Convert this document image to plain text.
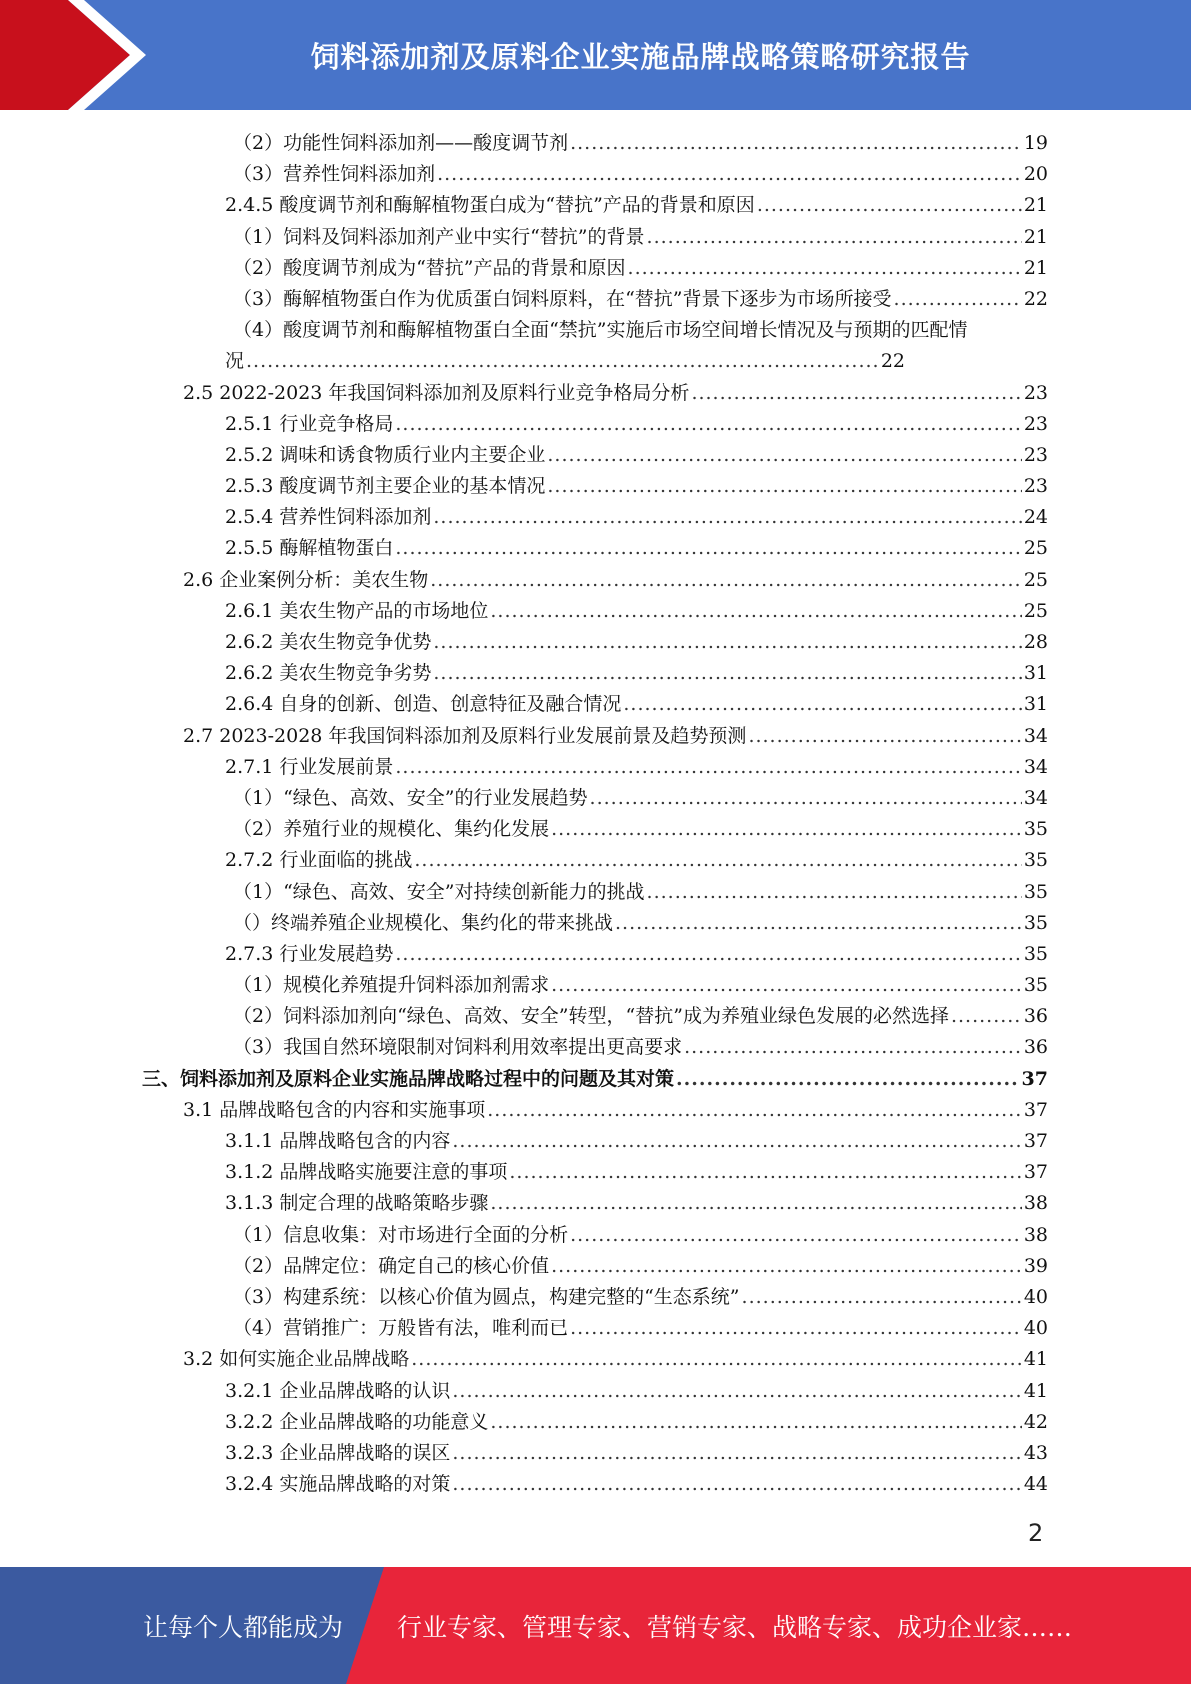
饲料添加剂及原料企业实施品牌战略策略研究报告
（2）功能性饲料添加剂——酸度调节剂 .....	19
（3）营养性饲料添加剂 .....	20
2.4.5 酸度调节剂和酶解植物蛋白成为“替抗”产品的背景和原因 .....	21
（1）饲料及饲料添加剂产业中实行“替抗”的背景 .....	21
（2）酸度调节剂成为“替抗”产品的背景和原因 .....	21
（3）酶解植物蛋白作为优质蛋白饲料原料，在“替抗”背景下逐步为市场所接受 .....	22
（4）酸度调节剂和酶解植物蛋白全面“禁抗”实施后市场空间增长情况及与预期的匹配情
况 .....	22
2.5 2022-2023 年我国饲料添加剂及原料行业竞争格局分析 .....	23
2.5.1 行业竞争格局 .....	23
2.5.2 调味和诱食物质行业内主要企业 .....	23
2.5.3 酸度调节剂主要企业的基本情况 .....	23
2.5.4 营养性饲料添加剂 .....	24
2.5.5 酶解植物蛋白 .....	25
2.6 企业案例分析：美农生物 .....	25
2.6.1 美农生物产品的市场地位 .....	25
2.6.2 美农生物竞争优势 .....	28
2.6.2 美农生物竞争劣势 .....	31
2.6.4 自身的创新、创造、创意特征及融合情况 .....	31
2.7 2023-2028 年我国饲料添加剂及原料行业发展前景及趋势预测 .....	34
2.7.1 行业发展前景 .....	34
（1）“绿色、高效、安全”的行业发展趋势 .....	34
（2）养殖行业的规模化、集约化发展 .....	35
2.7.2 行业面临的挑战 .....	35
（1）“绿色、高效、安全”对持续创新能力的挑战 .....	35
（）终端养殖企业规模化、集约化的带来挑战 .....	35
2.7.3 行业发展趋势 .....	35
（1）规模化养殖提升饲料添加剂需求 .....	35
（2）饲料添加剂向“绿色、高效、安全”转型，“替抗”成为养殖业绿色发展的必然选择 .....	36
（3）我国自然环境限制对饲料利用效率提出更高要求 .....	36
三、饲料添加剂及原料企业实施品牌战略过程中的问题及其对策 .....	37
3.1 品牌战略包含的内容和实施事项 .....	37
3.1.1 品牌战略包含的内容 .....	37
3.1.2 品牌战略实施要注意的事项 .....	37
3.1.3 制定合理的战略策略步骤 .....	38
（1）信息收集：对市场进行全面的分析 .....	38
（2）品牌定位：确定自己的核心价值 .....	39
（3）构建系统：以核心价值为圆点，构建完整的“生态系统” .....	40
（4）营销推广：万般皆有法，唯利而已 .....	40
3.2 如何实施企业品牌战略 .....	41
3.2.1 企业品牌战略的认识 .....	41
3.2.2 企业品牌战略的功能意义 .....	42
3.2.3 企业品牌战略的误区 .....	43
3.2.4 实施品牌战略的对策 .....	44
2
让每个人都能成为 行业专家、管理专家、营销专家、战略专家、成功企业家……
